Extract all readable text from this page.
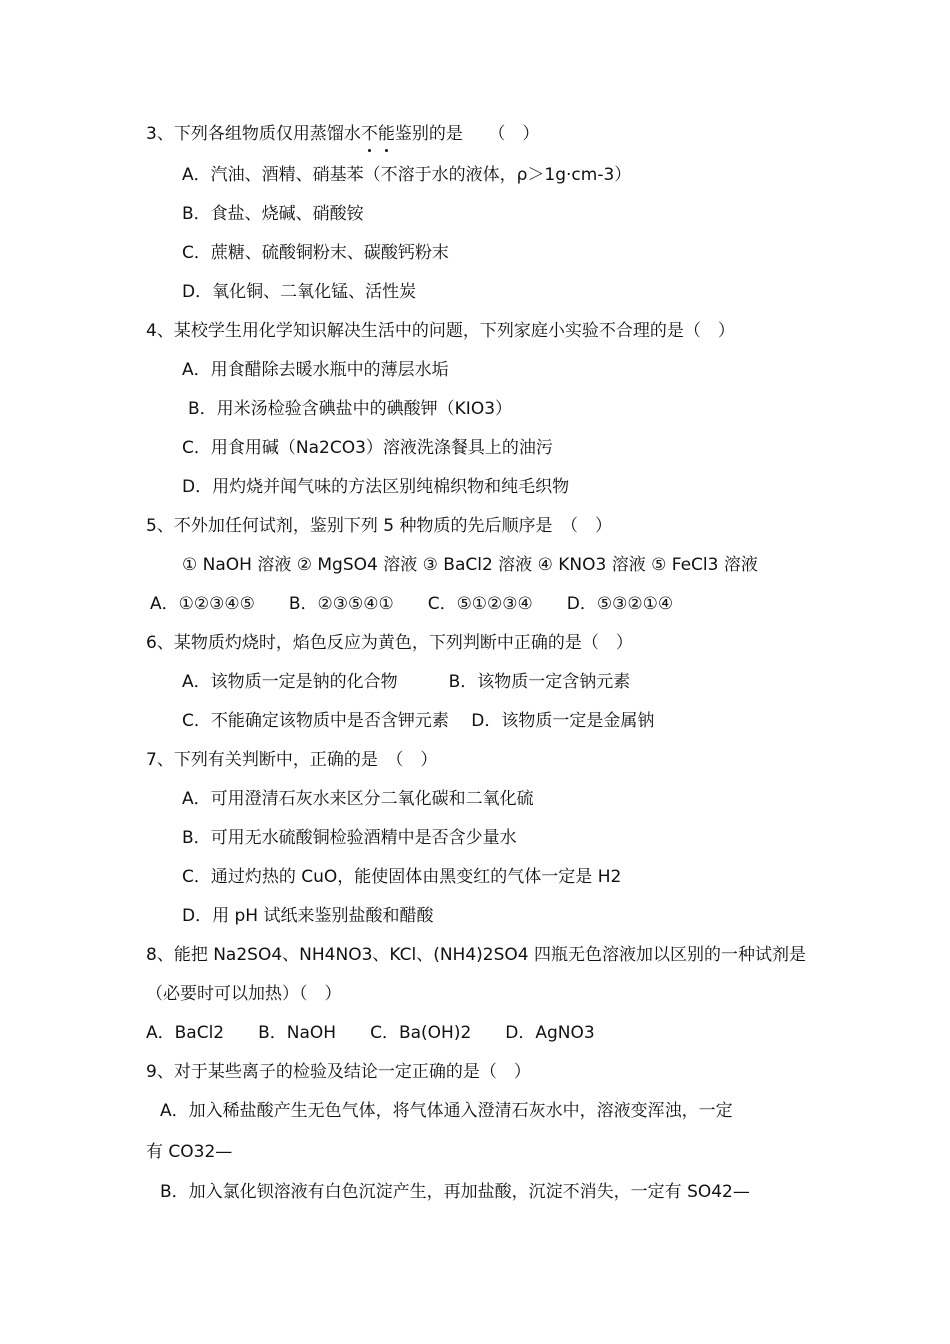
3、下列各组物质仅用蒸馏水不能鉴别的是　　（　）
A．汽油、酒精、硝基苯（不溶于水的液体，ρ＞1g·cm-3）
B．食盐、烧碱、硝酸铵
C．蔗糖、硫酸铜粉末、碳酸钙粉末
D．氧化铜、二氧化锰、活性炭
4、某校学生用化学知识解决生活中的问题，下列家庭小实验不合理的是（　）
A．用食醋除去暖水瓶中的薄层水垢
B．用米汤检验含碘盐中的碘酸钾（KIO3）
C．用食用碱（Na2CO3）溶液洗涤餐具上的油污
D．用灼烧并闻气味的方法区别纯棉织物和纯毛织物
5、不外加任何试剂，鉴别下列 5 种物质的先后顺序是　（　）
① NaOH 溶液 ② MgSO4 溶液 ③ BaCl2 溶液 ④ KNO3 溶液 ⑤ FeCl3 溶液
A．①②③④⑤　　B．②③⑤④①　　C．⑤①②③④　　D．⑤③②①④
6、某物质灼烧时，焰色反应为黄色，下列判断中正确的是（　）
A．该物质一定是钠的化合物　　　B．该物质一定含钠元素
C．不能确定该物质中是否含钾元素　 D．该物质一定是金属钠
7、下列有关判断中，正确的是　（　）
A．可用澄清石灰水来区分二氧化碳和二氧化硫
B．可用无水硫酸铜检验酒精中是否含少量水
C．通过灼热的 CuO，能使固体由黑变红的气体一定是 H2
D．用 pH 试纸来鉴别盐酸和醋酸
8、能把 Na2SO4、NH4NO3、KCl、(NH4)2SO4 四瓶无色溶液加以区别的一种试剂是
（必要时可以加热）（　）
A．BaCl2　　B．NaOH　　C．Ba(OH)2　　D．AgNO3
9、对于某些离子的检验及结论一定正确的是（　）
A．加入稀盐酸产生无色气体，将气体通入澄清石灰水中，溶液变浑浊，一定
有 CO32—
B．加入氯化钡溶液有白色沉淀产生，再加盐酸，沉淀不消失，一定有 SO42—
